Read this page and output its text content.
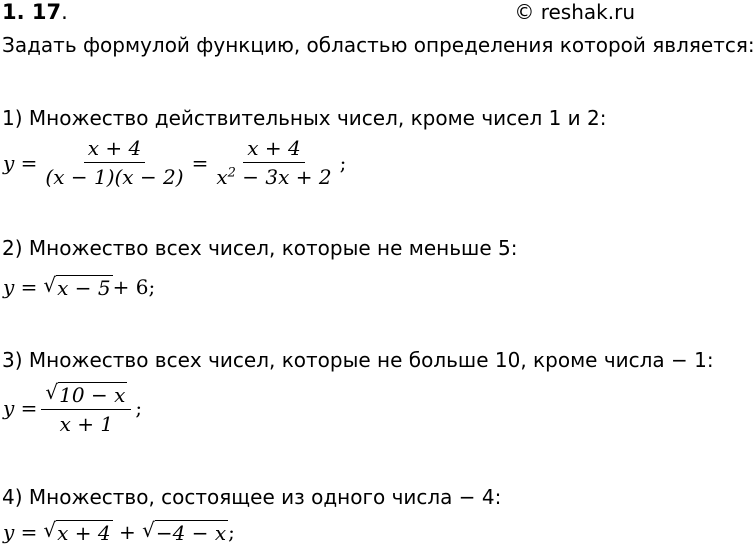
1. 17.	© reshak.ru
Задать формулой функцию, областью определения которой является:
1) Множество действительных чисел, кроме чисел 1 и 2:
$y = \frac{x + 4}{(x - 1)(x - 2)} = \frac{x + 4}{x^2 - 3x + 2}$ ;
2) Множество всех чисел, которые не меньше 5:
y = √ x − 5 + 6;
3) Множество всех чисел, которые не больше 10, кроме числа − 1:
$y = \frac{√ 10 - x}{x + 1}$ ;
4) Множество, состоящее из одного числа − 4:
y = √ x + 4 + √ −4 − x ;
